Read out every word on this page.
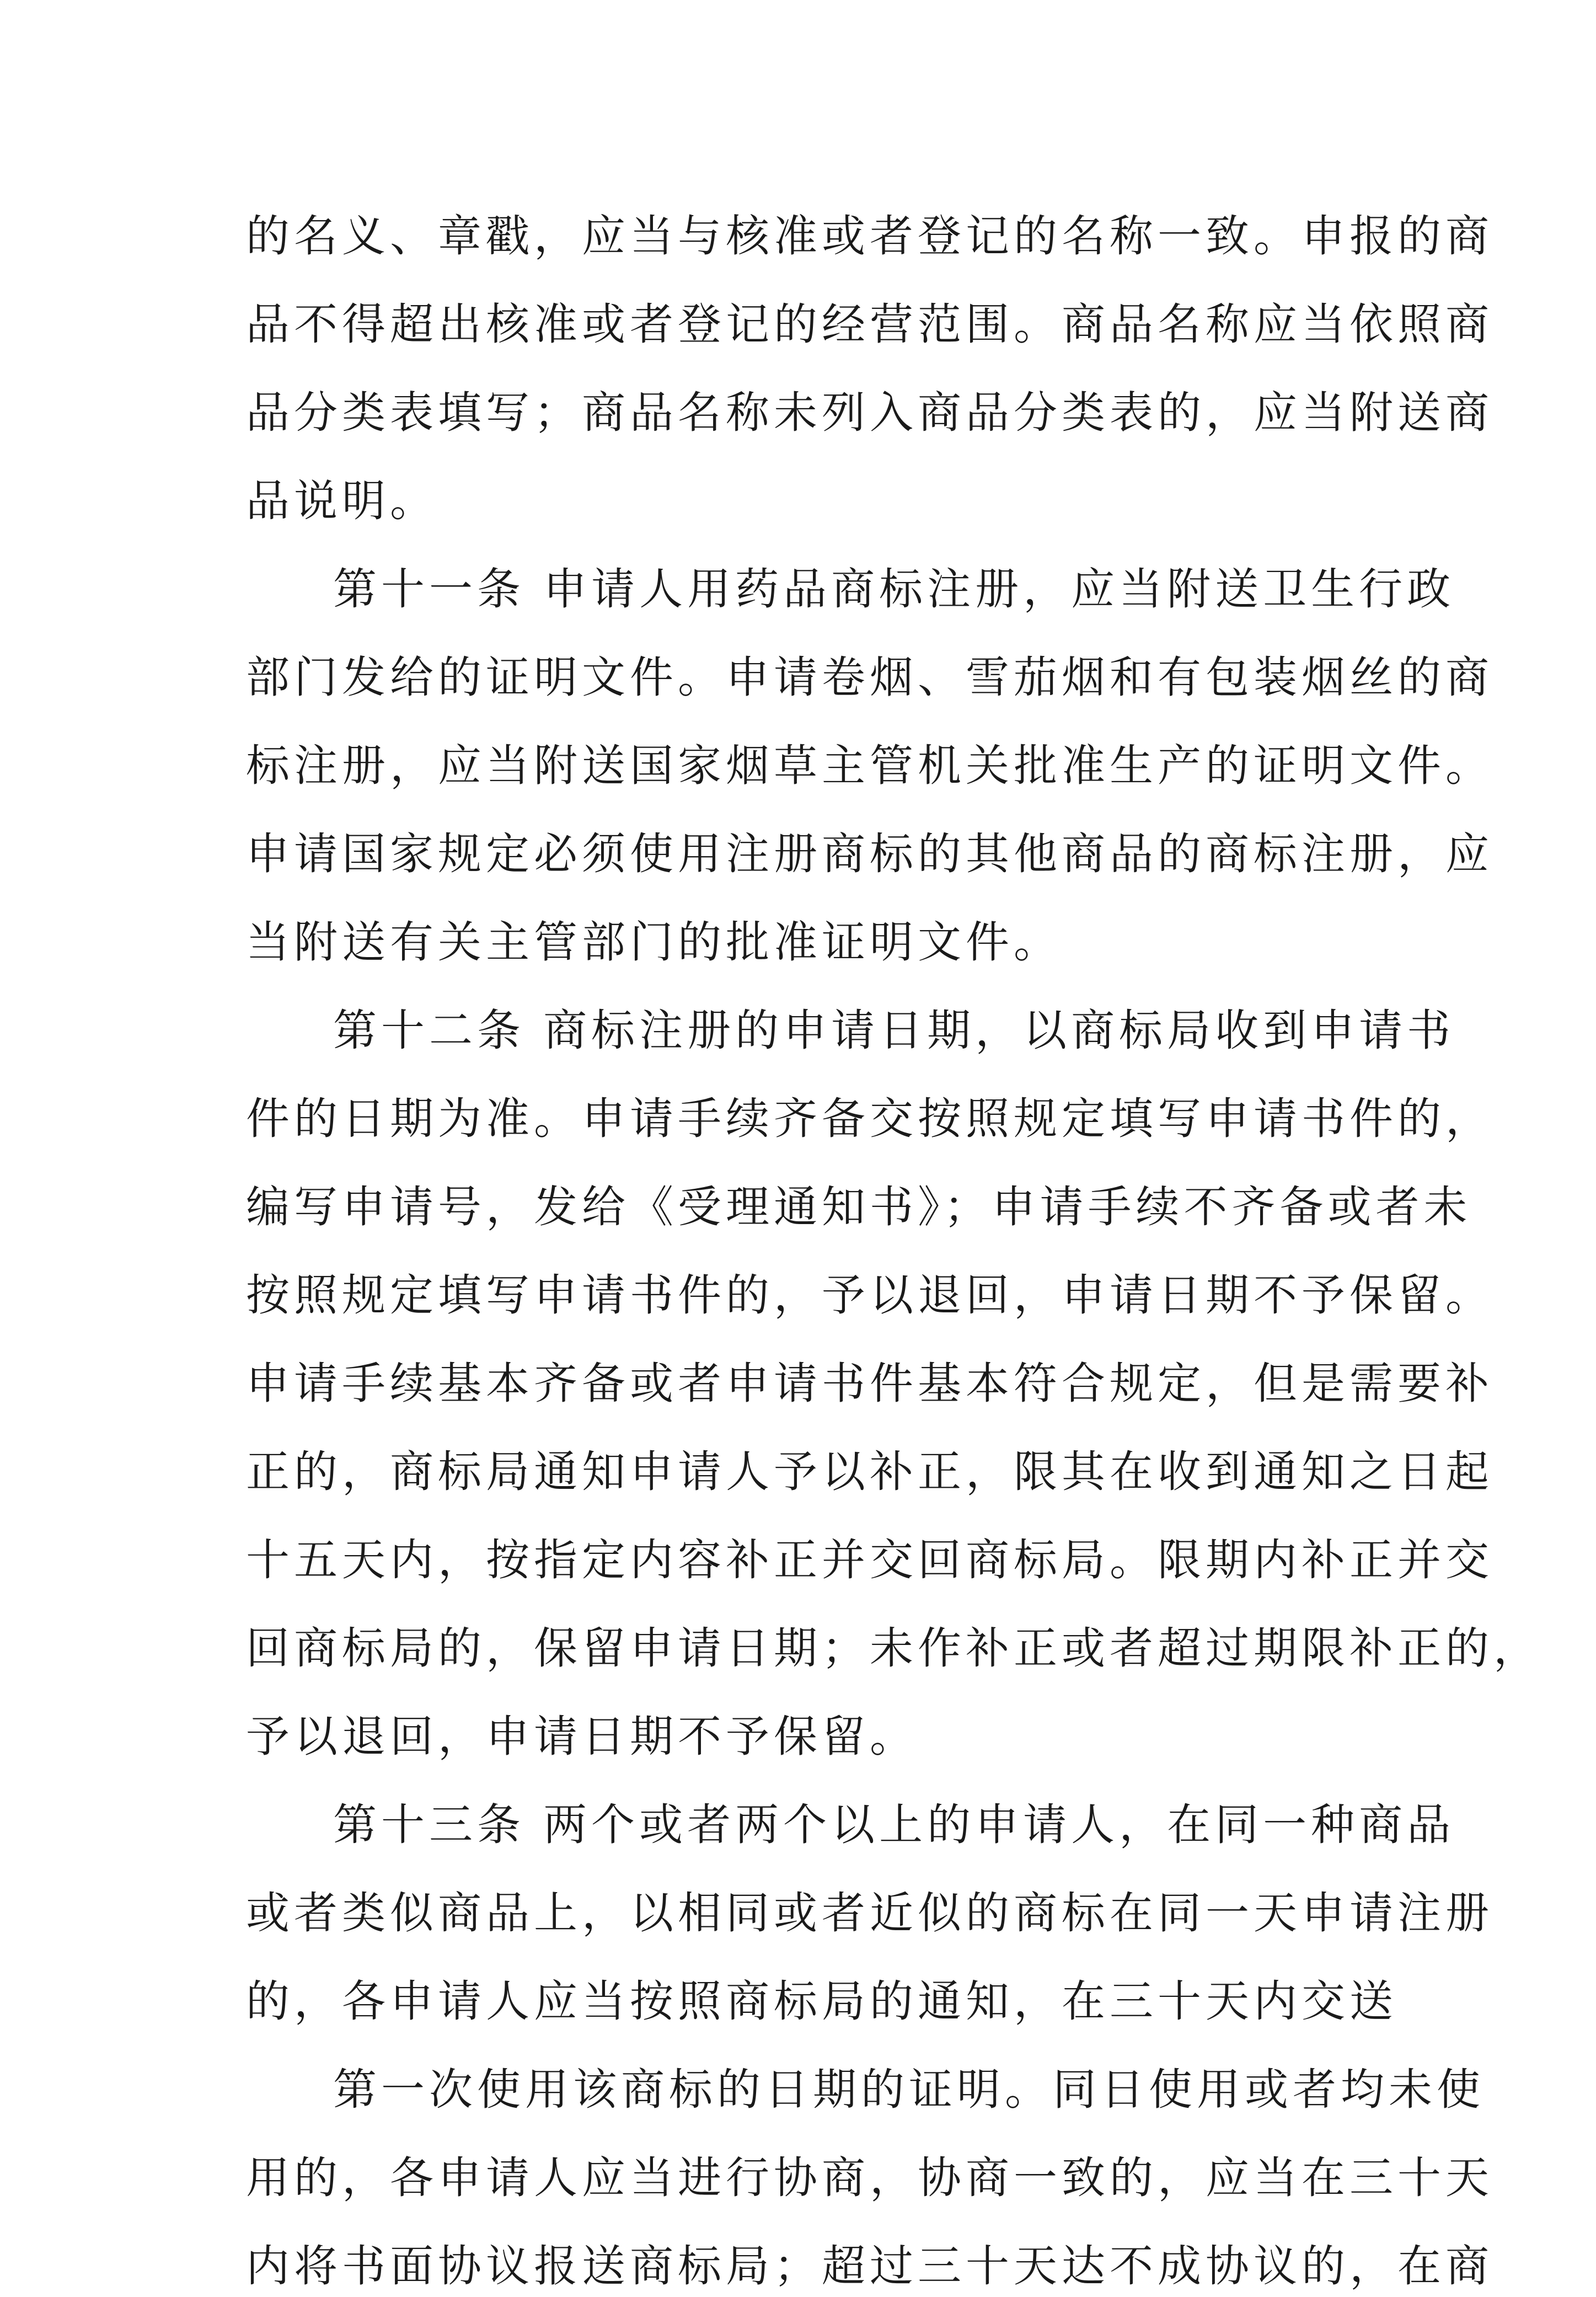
的名义、章戳，应当与核准或者登记的名称一致。申报的商
品不得超出核准或者登记的经营范围。商品名称应当依照商
品分类表填写；商品名称未列入商品分类表的，应当附送商
品说明。
第十一条 申请人用药品商标注册，应当附送卫生行政
部门发给的证明文件。申请卷烟、雪茄烟和有包装烟丝的商
标注册，应当附送国家烟草主管机关批准生产的证明文件。
申请国家规定必须使用注册商标的其他商品的商标注册，应
当附送有关主管部门的批准证明文件。
第十二条 商标注册的申请日期，以商标局收到申请书
件的日期为准。申请手续齐备交按照规定填写申请书件的，
编写申请号，发给《受理通知书》；申请手续不齐备或者未
按照规定填写申请书件的，予以退回，申请日期不予保留。
申请手续基本齐备或者申请书件基本符合规定，但是需要补
正的，商标局通知申请人予以补正，限其在收到通知之日起
十五天内，按指定内容补正并交回商标局。限期内补正并交
回商标局的，保留申请日期；未作补正或者超过期限补正的，
予以退回，申请日期不予保留。
第十三条 两个或者两个以上的申请人，在同一种商品
或者类似商品上，以相同或者近似的商标在同一天申请注册
的，各申请人应当按照商标局的通知，在三十天内交送
第一次使用该商标的日期的证明。同日使用或者均未使
用的，各申请人应当进行协商，协商一致的，应当在三十天
内将书面协议报送商标局；超过三十天达不成协议的，在商
